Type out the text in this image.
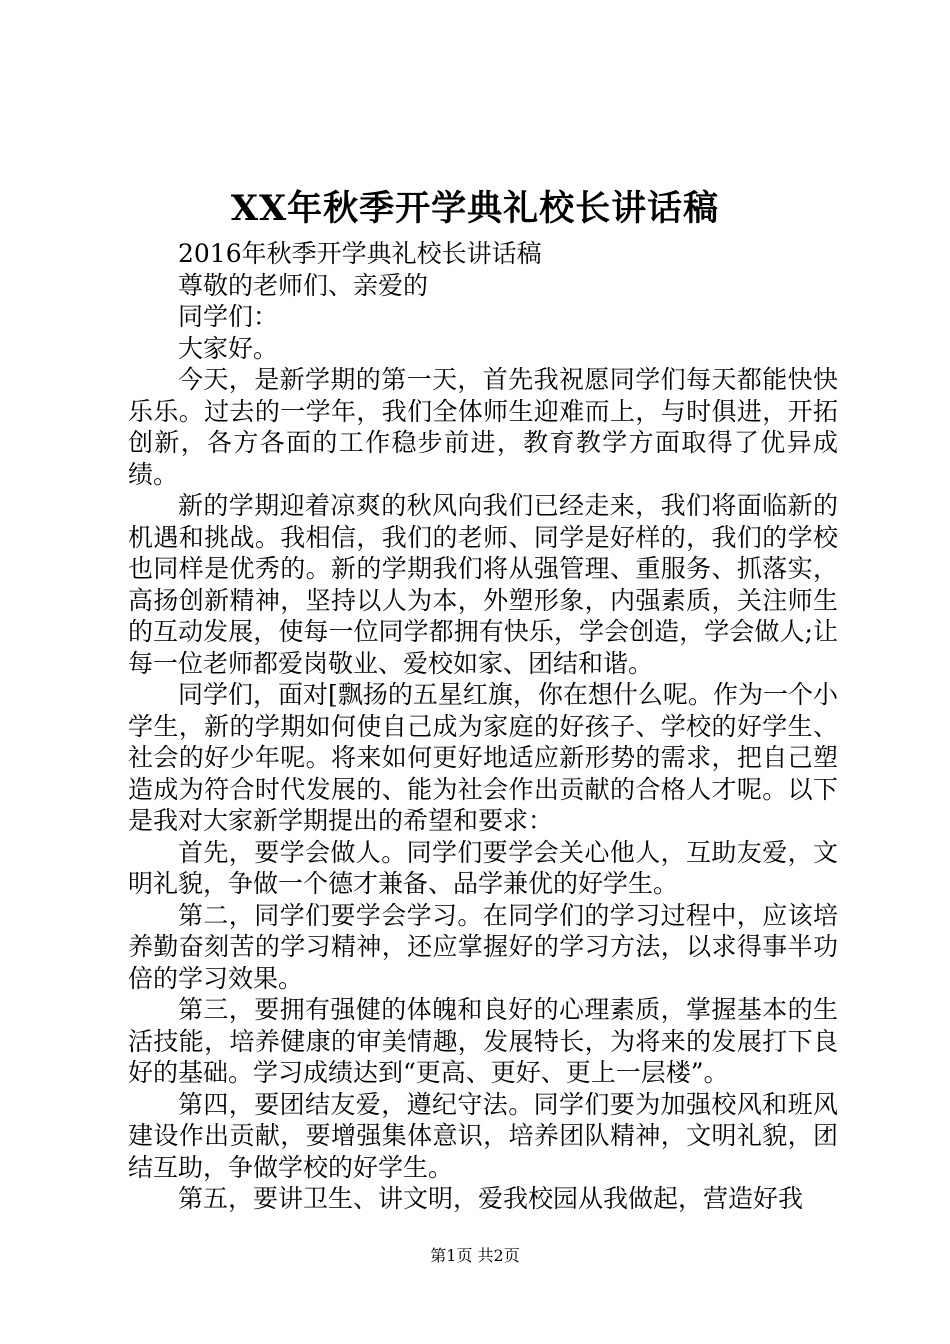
XX年秋季开学典礼校长讲话稿

2016年秋季开学典礼校长讲话稿

尊敬的老师们、亲爱的

同学们：

大家好。

今天，是新学期的第一天，首先我祝愿同学们每天都能快快乐乐。过去的一学年，我们全体师生迎难而上，与时俱进，开拓创新，各方各面的工作稳步前进，教育教学方面取得了优异成绩。

新的学期迎着凉爽的秋风向我们已经走来，我们将面临新的机遇和挑战。我相信，我们的老师、同学是好样的，我们的学校也同样是优秀的。新的学期我们将从强管理、重服务、抓落实，高扬创新精神，坚持以人为本，外塑形象，内强素质，关注师生的互动发展，使每一位同学都拥有快乐，学会创造，学会做人;让每一位老师都爱岗敬业、爱校如家、团结和谐。

同学们，面对[飘扬的五星红旗，你在想什么呢。作为一个小学生，新的学期如何使自己成为家庭的好孩子、学校的好学生、社会的好少年呢。将来如何更好地适应新形势的需求，把自己塑造成为符合时代发展的、能为社会作出贡献的合格人才呢。以下是我对大家新学期提出的希望和要求：

首先，要学会做人。同学们要学会关心他人，互助友爱，文明礼貌，争做一个德才兼备、品学兼优的好学生。

第二，同学们要学会学习。在同学们的学习过程中，应该培养勤奋刻苦的学习精神，还应掌握好的学习方法，以求得事半功倍的学习效果。

第三，要拥有强健的体魄和良好的心理素质，掌握基本的生活技能，培养健康的审美情趣，发展特长，为将来的发展打下良好的基础。学习成绩达到“更高、更好、更上一层楼”。

第四，要团结友爱，遵纪守法。同学们要为加强校风和班风建设作出贡献，要增强集体意识，培养团队精神，文明礼貌，团结互助，争做学校的好学生。

第五，要讲卫生、讲文明，爱我校园从我做起，营造好我

第1页 共2页
